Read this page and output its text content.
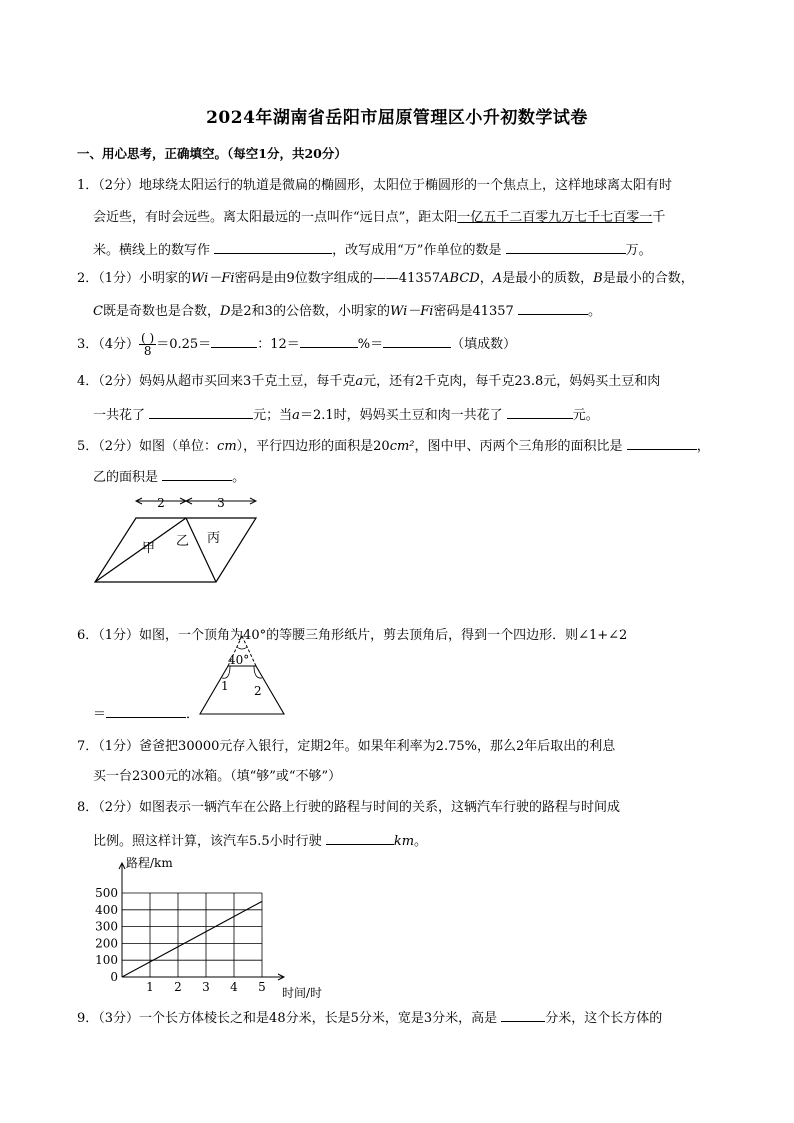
2024年湖南省岳阳市屈原管理区小升初数学试卷
一、用心思考，正确填空。（每空1分，共20分）
1．（2分）地球绕太阳运行的轨道是微扁的椭圆形，太阳位于椭圆形的一个焦点上，这样地球离太阳有时
会近些，有时会远些。离太阳最远的一点叫作“远日点”，距太阳一亿五千二百零九万七千七百零一千
米。横线上的数写作	，改写成用“万”作单位的数是	万。
2．（1分）小明家的Wi－Fi密码是由9位数字组成的——41357ABCD，A是最小的质数，B是最小的合数，
C既是奇数也是合数，D是2和3的公倍数，小明家的Wi－Fi密码是41357	。
3．（4分） $\frac{( )}{8} =0.25=$	：12＝	%＝	（填成数）
4．（2分）妈妈从超市买回来3千克土豆，每千克a元，还有2千克肉，每千克23.8元，妈妈买土豆和肉
一共花了	元；当a＝2.1时，妈妈买土豆和肉一共花了	元。
5．（2分）如图（单位：cm），平行四边形的面积是20cm²，图中甲、丙两个三角形的面积比是	，
乙的面积是	。
2	3
甲 乙 丙
6．（1分）如图，一个顶角为40°的等腰三角形纸片，剪去顶角后，得到一个四边形．则∠1+∠2
＝	．
40°
1 2
7．（1分）爸爸把30000元存入银行，定期2年。如果年利率为2.75%，那么2年后取出的利息
买一台2300元的冰箱。（填“够”或“不够”）
8．（2分）如图表示一辆汽车在公路上行驶的路程与时间的关系，这辆汽车行驶的路程与时间成
比例。照这样计算，该汽车5.5小时行驶	km。
100
200
300
400
500
1 2 3 4 5
0
路程/km
时间/时
9．（3分）一个长方体棱长之和是48分米，长是5分米，宽是3分米，高是	分米，这个长方体的
